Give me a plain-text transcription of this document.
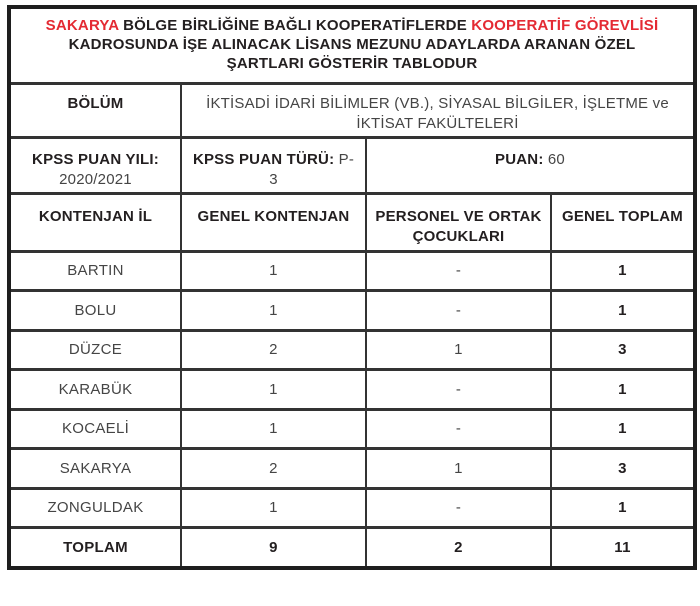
SAKARYA BÖLGE BİRLİĞİNE BAĞLI KOOPERATİFLERDE KOOPERATİF GÖREVLİSİ
KADROSUNDA İŞE ALINACAK LİSANS MEZUNU ADAYLARDA ARANAN ÖZEL
ŞARTLARI GÖSTERİR TABLODUR			

BÖLÜM	İKTİSADİ İDARİ BİLİMLER (VB.), SİYASAL BİLGİLER, İŞLETME ve İKTİSAT FAKÜLTELERİ		
KPSS PUAN YILI: 2020/2021	KPSS PUAN TÜRÜ: P-3	PUAN: 60	
KONTENJAN İL	GENEL KONTENJAN	PERSONEL VE ORTAK ÇOCUKLARI	GENEL TOPLAM
BARTIN	1	-	1
BOLU	1	-	1
DÜZCE	2	1	3
KARABÜK	1	-	1
KOCAELİ	1	-	1
SAKARYA	2	1	3
ZONGULDAK	1	-	1
TOPLAM	9	2	11
